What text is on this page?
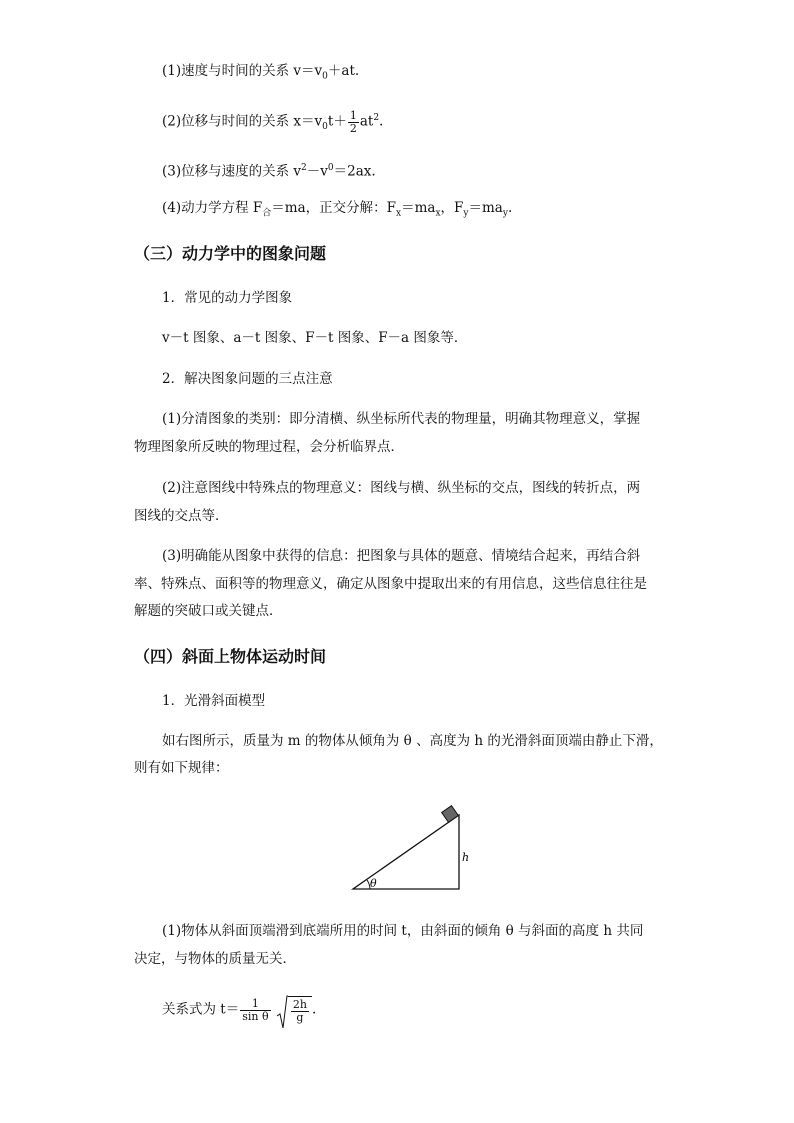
(1)速度与时间的关系 $v=v_0+at$.
(2)位移与时间的关系 $x=v_0t+ \frac{1}{2} at^2$.
(3)位移与速度的关系 $v^2-v^0=2ax$.
(4)动力学方程 $F_合=ma$，正交分解：$F_x=ma_x$，$F_y=ma_y$.
（三）动力学中的图象问题
1．常见的动力学图象
v－t 图象、a－t 图象、F－t 图象、F－a 图象等．
2．解决图象问题的三点注意
(1)分清图象的类别：即分清横、纵坐标所代表的物理量，明确其物理意义，掌握
物理图象所反映的物理过程，会分析临界点．
(2)注意图线中特殊点的物理意义：图线与横、纵坐标的交点，图线的转折点，两
图线的交点等．
(3)明确能从图象中获得的信息：把图象与具体的题意、情境结合起来，再结合斜
率、特殊点、面积等的物理意义，确定从图象中提取出来的有用信息，这些信息往往是
解题的突破口或关键点．
（四）斜面上物体运动时间
1．光滑斜面模型
如右图所示，质量为 m 的物体从倾角为 θ 、高度为 h 的光滑斜面顶端由静止下滑，
则有如下规律：
θ
h
(1)物体从斜面顶端滑到底端所用的时间 t，由斜面的倾角 θ 与斜面的高度 h 共同
决定，与物体的质量无关．
关系式为 $t= \frac{1}{\text{sin θ}}$
$\frac{2h}{g}$ .
